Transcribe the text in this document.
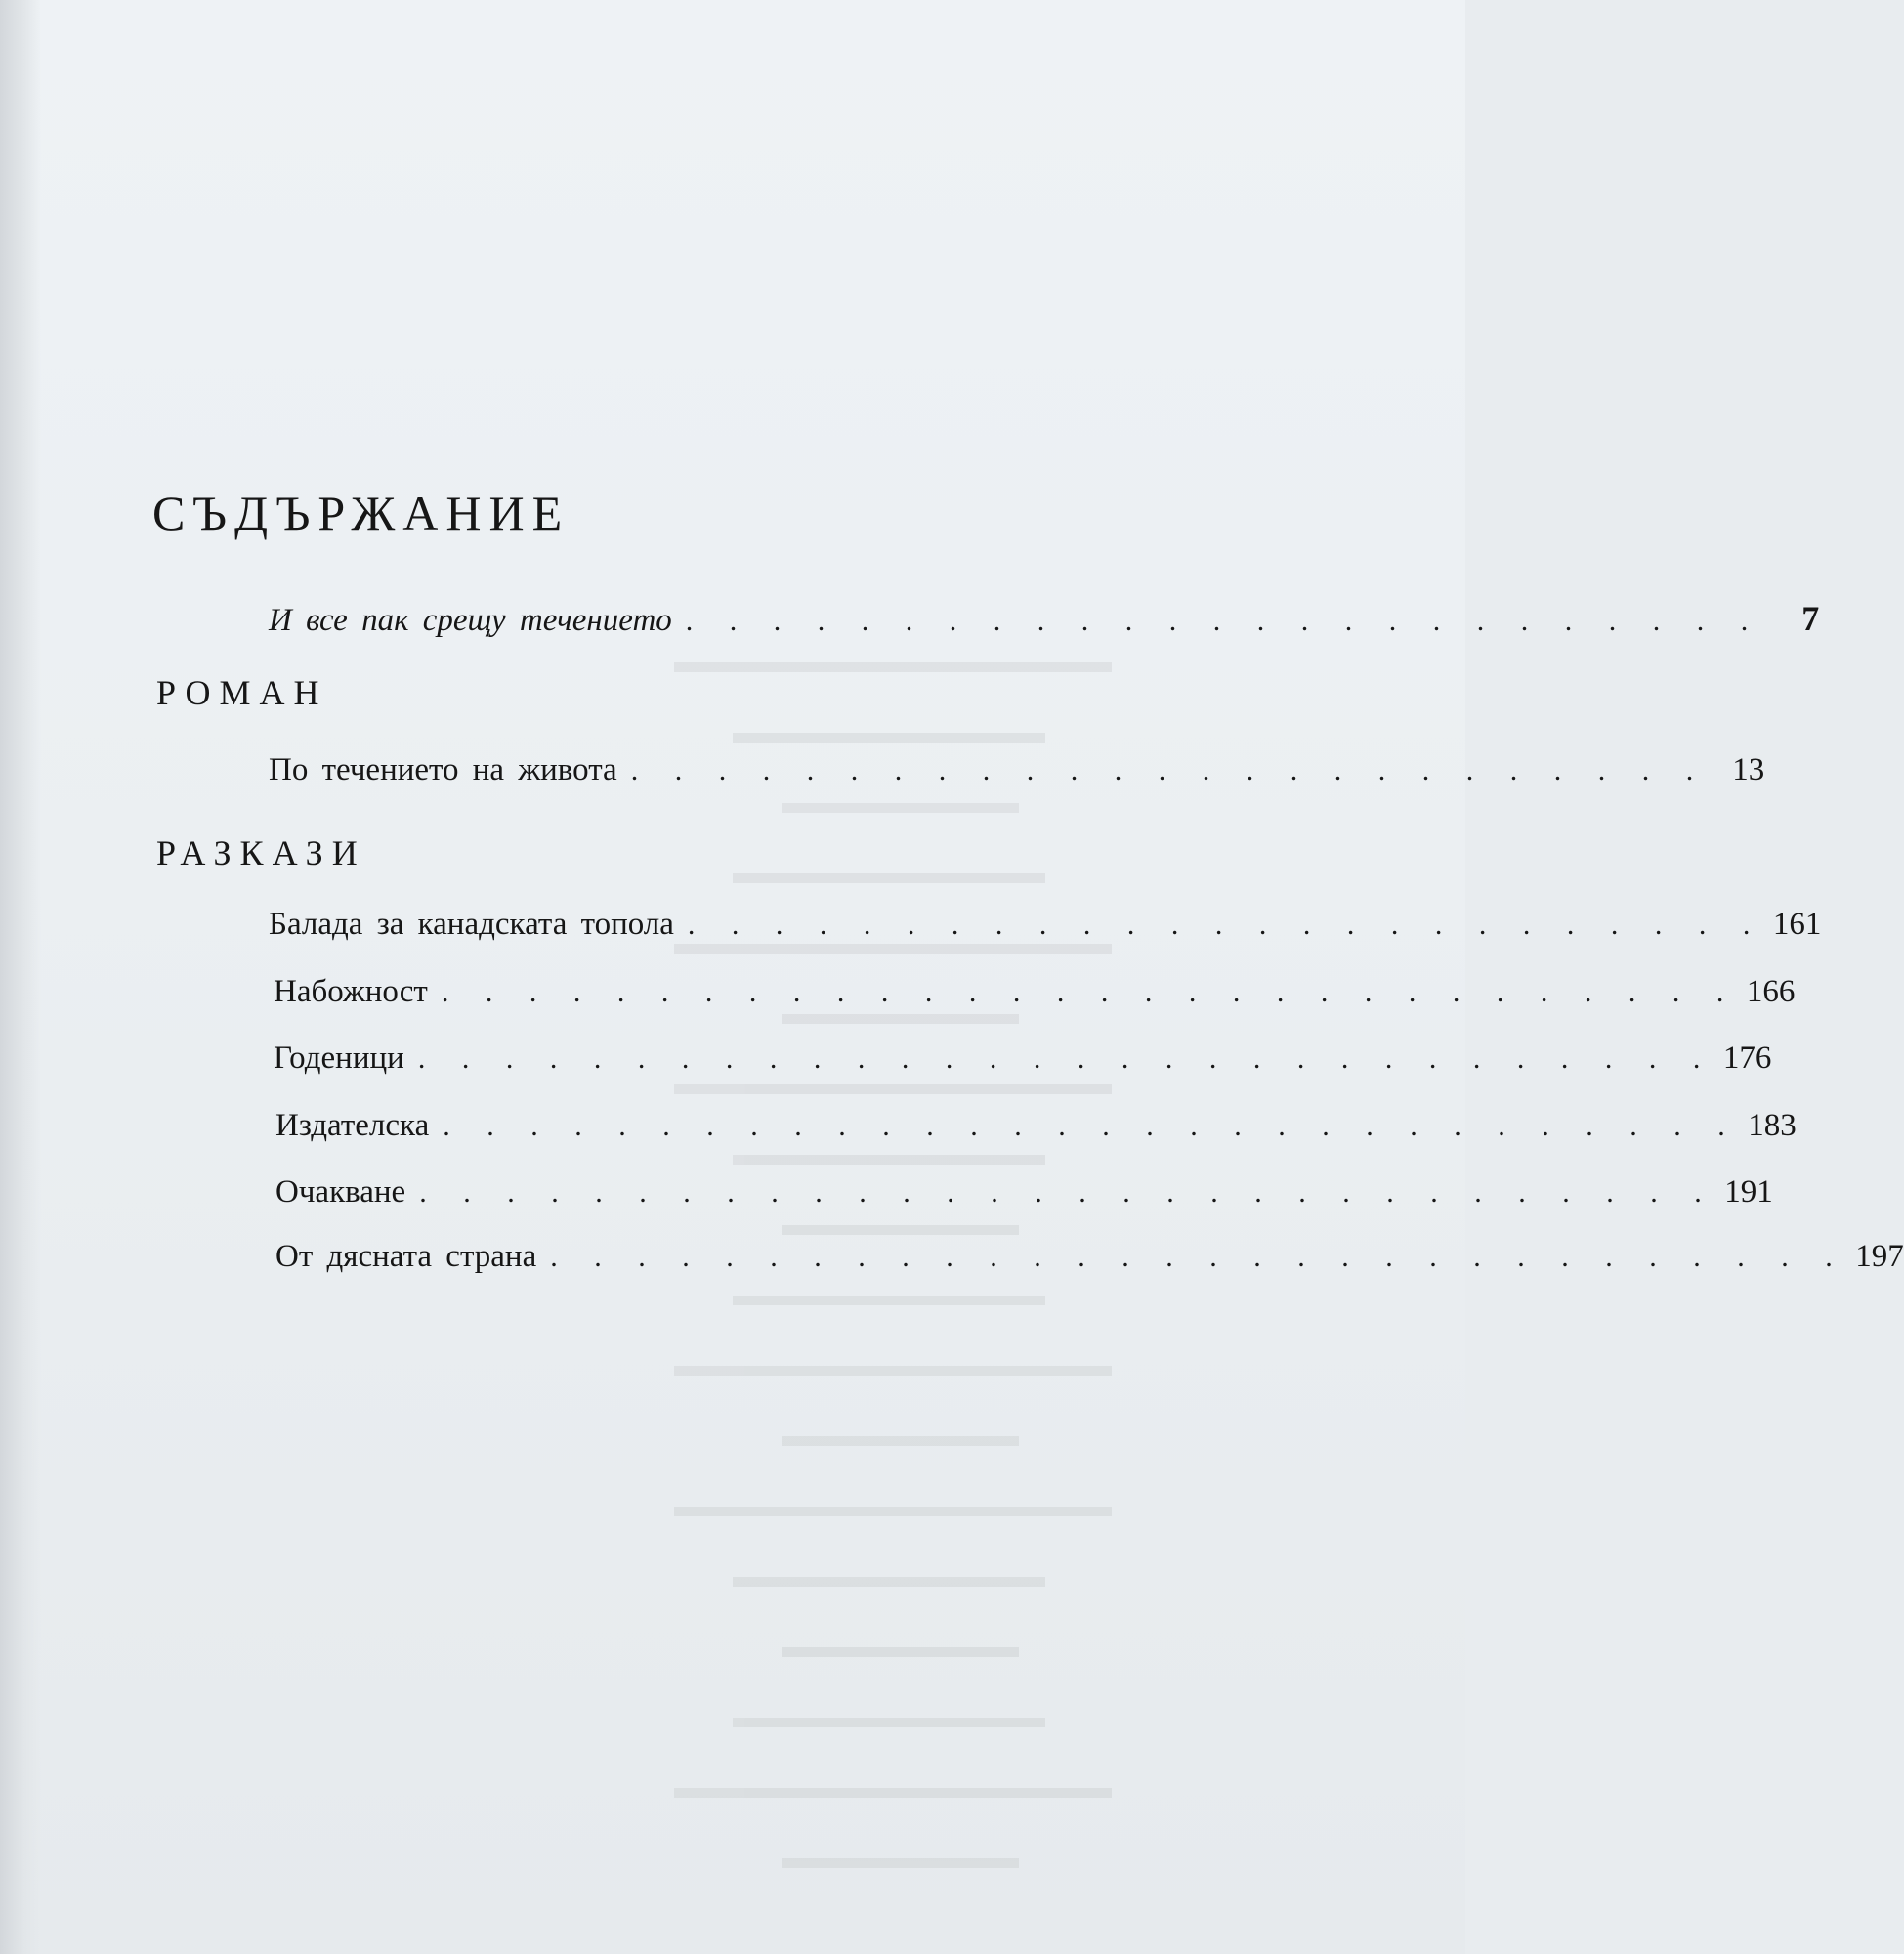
СЪДЪРЖАНИЕ
И все пак срещу течението . . . . . . . . . . . . . . . . . . . . . . . . .	7
РОМАН
По течението на живота . . . . . . . . . . . . . . . . . . . . . . . . . 13
РАЗКАЗИ
Балада за канадската топола . . . . . . . . . . . . . . . . . . . . . . . . . 161
Набожност . . . . . . . . . . . . . . . . . . . . . . . . . . . . . . 166
Годеници . . . . . . . . . . . . . . . . . . . . . . . . . . . . . . 176
Издателска . . . . . . . . . . . . . . . . . . . . . . . . . . . . . . 183
Очакване . . . . . . . . . . . . . . . . . . . . . . . . . . . . . . 191
От дясната страна . . . . . . . . . . . . . . . . . . . . . . . . . . . . . . 197
